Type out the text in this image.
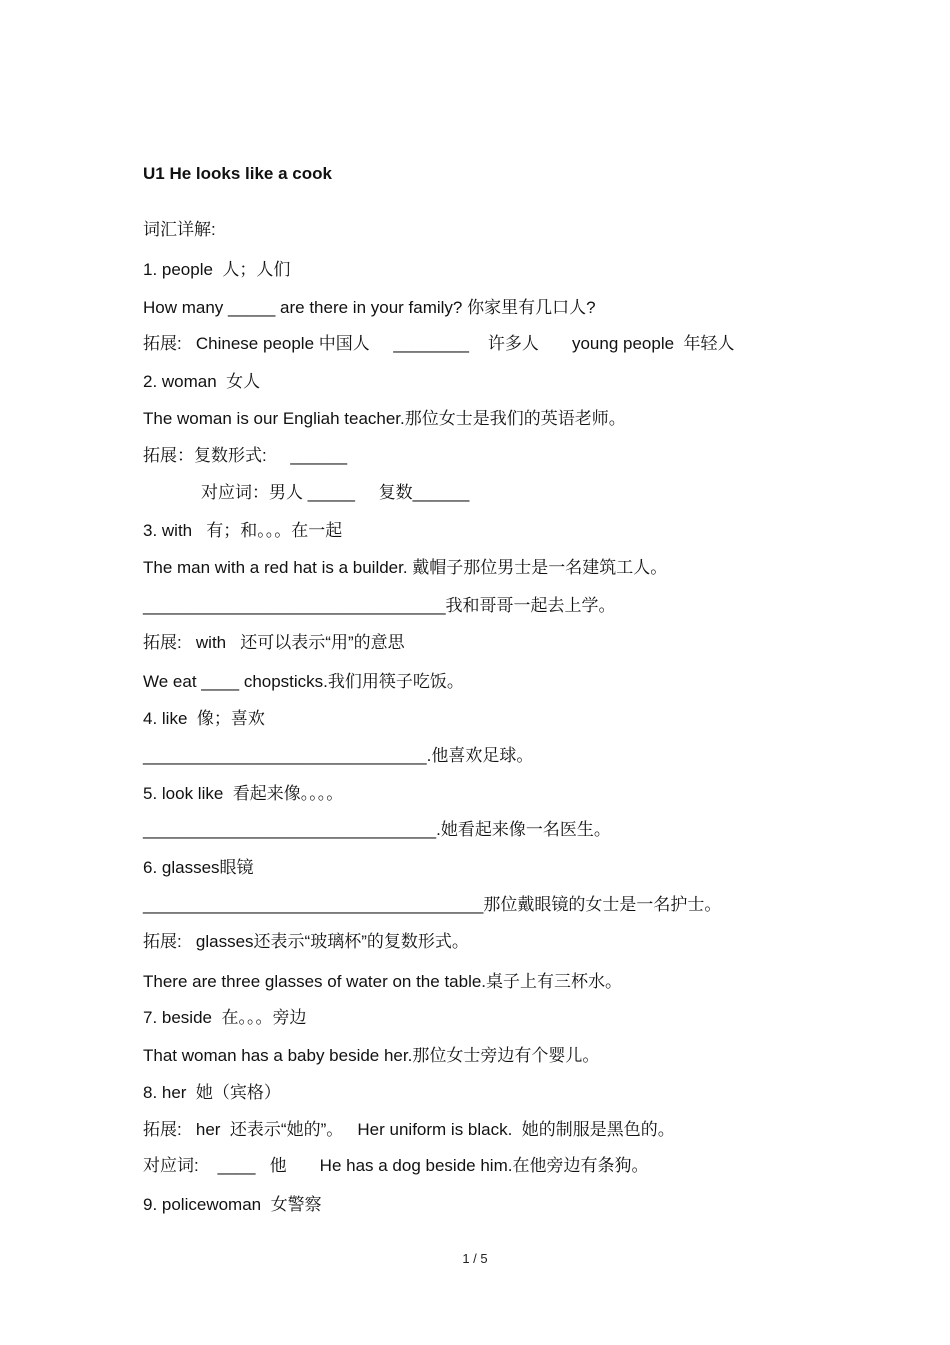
U1 He looks like a cook
词汇详解:
1. people  人；人们
How many _____ are there in your family? 你家里有几口人?
拓展:   Chinese people 中国人     ________    许多人       young people  年轻人
2. woman  女人
The woman is our Engliah teacher.那位女士是我们的英语老师。
拓展：复数形式:     ______
对应词：男人 _____     复数______
3. with   有；和。。。在一起
The man with a red hat is a builder. 戴帽子那位男士是一名建筑工人。
________________________________我和哥哥一起去上学。
拓展:   with   还可以表示“用”的意思
We eat ____ chopsticks.我们用筷子吃饭。
4. like  像；喜欢
______________________________.他喜欢足球。
5. look like  看起来像。。。。
_______________________________.她看起来像一名医生。
6. glasses眼镜
____________________________________那位戴眼镜的女士是一名护士。
拓展:   glasses还表示“玻璃杯”的复数形式。
There are three glasses of water on the table.桌子上有三杯水。
7. beside  在。。。旁边
That woman has a baby beside her.那位女士旁边有个婴儿。
8. her  她（宾格）
拓展:   her  还表示“她的”。   Her uniform is black.  她的制服是黑色的。
对应词:    ____   他       He has a dog beside him.在他旁边有条狗。
9. policewoman  女警察
1 / 5
